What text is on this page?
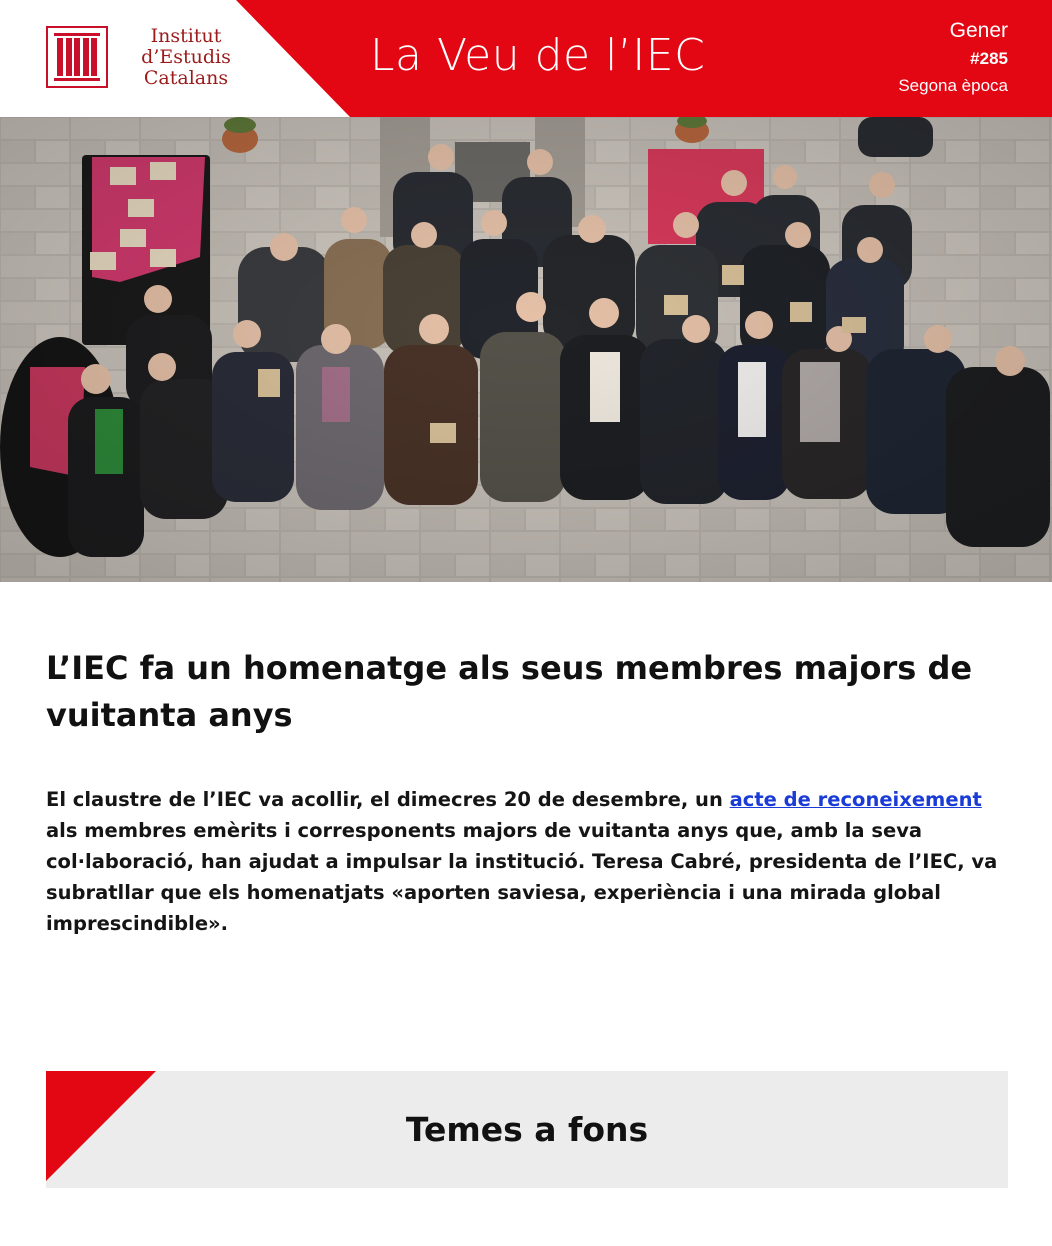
Institut
d’Estudis
Catalans	La Veu de l’IEC	Gener
#285
Segona època
L’IEC fa un homenatge als seus membres majors de vuitanta anys

El claustre de l’IEC va acollir, el dimecres 20 de desembre, un acte de reconeixement als membres emèrits i corresponents majors de vuitanta anys que, amb la seva col·laboració, han ajudat a impulsar la institució. Teresa Cabré, presidenta de l’IEC, va subratllar que els homenatjats «aporten saviesa, experiència i una mirada global imprescindible».

Temes a fons
